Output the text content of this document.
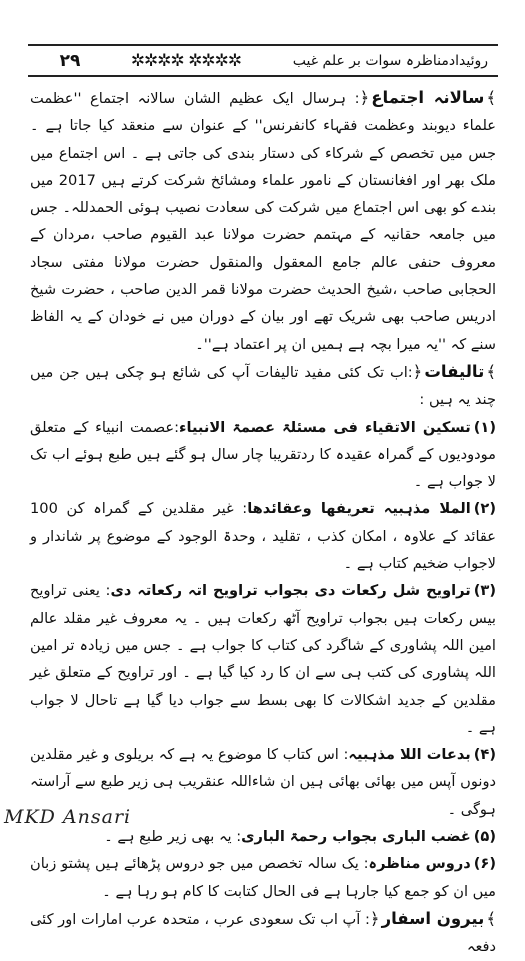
٢٩	✲✲✲✲ ✲✲✲✲	روئیدادمناظرہ سوات بر علم غیب

﴾ سالانہ اجتماع ﴿: ہرسال ایک عظیم الشان سالانہ اجتماع ''عظمت علماء دیوبند وعظمت فقہاء کانفرنس'' کے عنوان سے منعقد کیا جاتا ہے ۔جس میں تخصص کے شرکاء کی دستار بندی کی جاتی ہے ۔ اس اجتماع میں ملک بھر اور افغانستان کے نامور علماء ومشائخ شرکت کرتے ہیں 2017 میں بندے کو بھی اس اجتماع میں شرکت کی سعادت نصیب ہوئی الحمدللہ۔ جس میں جامعہ حقانیہ کے مہتمم حضرت مولانا عبد القیوم صاحب ،مردان کے معروف حنفی عالم جامع المعقول والمنقول حضرت مولانا مفتی سجاد الحجابی صاحب ،شیخ الحدیث حضرت مولانا قمر الدین صاحب ، حضرت شیخ ادریس صاحب بھی شریک تھے اور بیان کے دوران میں نے خودان کے یہ الفاظ سنے کہ ''یہ میرا بچہ ہے ہمیں ان پر اعتماد ہے''۔

﴾ تالیفات ﴿:اب تک کئی مفید تالیفات آپ کی شائع ہو چکی ہیں جن میں چند یہ ہیں :

(۱)تسکین الاتقیاء فی مسئلۃ عصمۃ الانبیاء:عصمت انبیاء کے متعلق مودودیوں کے گمراہ عقیدہ کا ردتقریبا چار سال ہو گئے ہیں طبع ہوئے اب تک لا جواب ہے ۔

(۲)الملا مذہبیہ تعریفھا وعقائدھا: غیر مقلدین کے گمراہ کن 100 عقائد کے علاوہ ، امکان کذب ، تقلید ، وحدۃ الوجود کے موضوع پر شاندار و لاجواب ضخیم کتاب ہے ۔

(۳)تراویح شل رکعات دی بجواب تراویح اتہ رکعاتہ دی: یعنی تراویح بیس رکعات ہیں بجواب تراویح آٹھ رکعات ہیں ۔ یہ معروف غیر مقلد عالم امین اللہ پشاوری کے شاگرد کی کتاب کا جواب ہے ۔ جس میں زیادہ تر امین اللہ پشاوری کی کتب ہی سے ان کا رد کیا گیا ہے ۔ اور تراویح کے متعلق غیر مقلدین کے جدید اشکالات کا بھی بسط سے جواب دیا گیا ہے تاحال لا جواب ہے ۔

(۴)بدعات اللا مذہبیہ: اس کتاب کا موضوع یہ ہے کہ بریلوی و غیر مقلدین دونوں آپس میں بھائی بھائی ہیں ان شاءاللہ عنقریب ہی زیر طبع سے آراستہ ہوگی ۔

(۵)غضب الباری بجواب رحمۃ الباری: یہ بھی زیر طبع ہے ۔

(۶)دروس مناظرہ: یک سالہ تخصص میں جو دروس پڑھائے ہیں پشتو زبان میں ان کو جمع کیا جارہا ہے فی الحال کتابت کا کام ہو رہا ہے ۔

﴾ بیرون اسفار ﴿: آپ اب تک سعودی عرب ، متحدہ عرب امارات اور کئی دفعہ

MKD Ansari
